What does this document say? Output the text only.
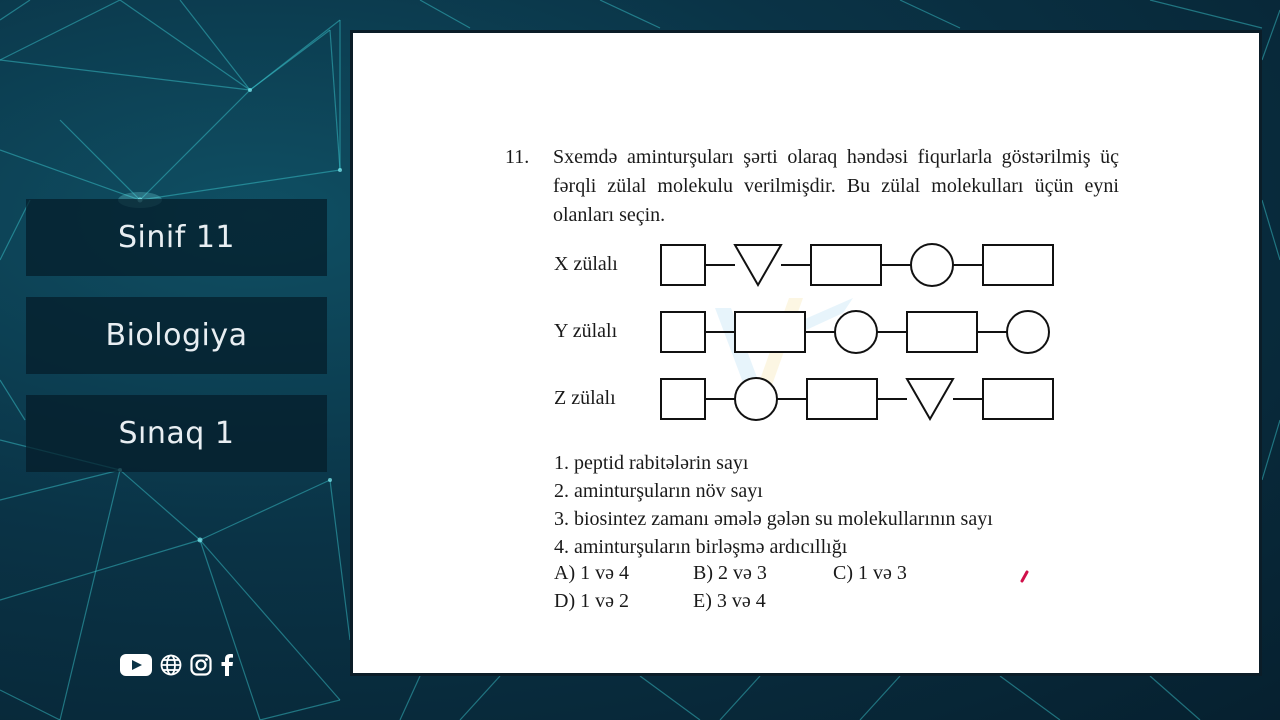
Sinif 11
Biologiya
Sınaq 1
11. Sxemdə aminturşuları şərti olaraq həndəsi fiqurlarla göstərilmiş üç fərqli zülal molekulu verilmişdir. Bu zülal molekulları üçün eyni olanları seçin.
X zülalı
Y zülalı
Z zülalı
1. peptid rabitələrin sayı
2. aminturşuların növ sayı
3. biosintez zamanı əmələ gələn su molekullarının sayı
4. aminturşuların birləşmə ardıcıllığı
A) 1 və 4	B) 2 və 3	C) 1 və 3
D) 1 və 2	E) 3 və 4
